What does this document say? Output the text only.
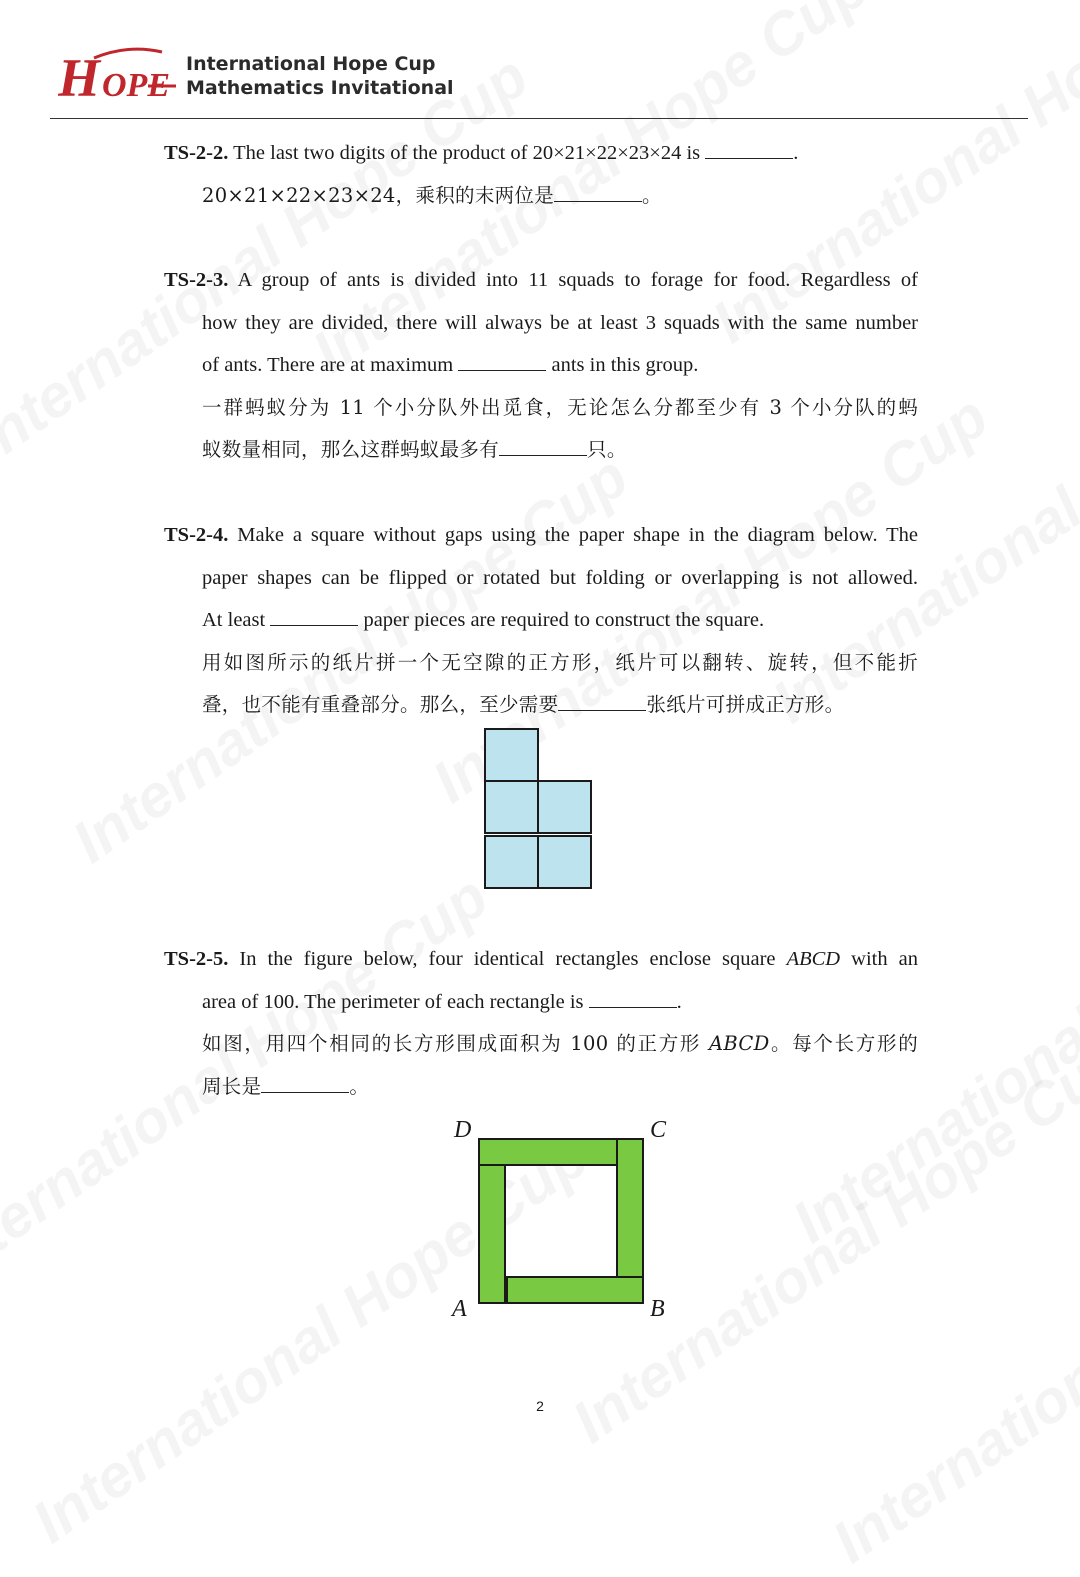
H OPE
International Hope Cup
Mathematics Invitational
TS-2-2. The last two digits of the product of 20×21×22×23×24 is	.
20×21×22×23×24，乘积的末两位是	。
TS-2-3. A group of ants is divided into 11 squads to forage for food. Regardless of
how they are divided, there will always be at least 3 squads with the same number
of ants. There are at maximum	ants in this group.
一群蚂蚁分为 11 个小分队外出觅食，无论怎么分都至少有 3 个小分队的蚂
蚁数量相同，那么这群蚂蚁最多有	只。
TS-2-4. Make a square without gaps using the paper shape in the diagram below. The
paper shapes can be flipped or rotated but folding or overlapping is not allowed.
At least	paper pieces are required to construct the square.
用如图所示的纸片拼一个无空隙的正方形，纸片可以翻转、旋转，但不能折
叠，也不能有重叠部分。那么，至少需要	张纸片可拼成正方形。
TS-2-5. In the figure below, four identical rectangles enclose square ABCD with an
area of 100. The perimeter of each rectangle is	.
如图，用四个相同的长方形围成面积为 100 的正方形 ABCD。每个长方形的
周长是	。
D	C
A	B
2
